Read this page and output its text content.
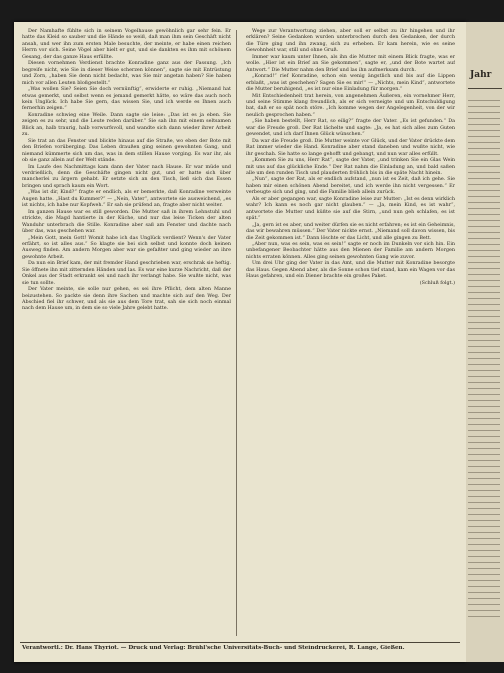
Der Namhafte fühlte sich in seinem Vogelhause gewöhnlich gar sehr fein. Er hatte das Kleid so sauber und die Hände so weiß, daß man ihm sein Geschäft nicht ansah, und wer ihn zum ersten Male besuchte, der meinte, er habe einen reichen Herrn vor sich. Seine Vögel aber hielt er gut, und sie dankten es ihm mit schönem Gesang, der das ganze Haus erfüllte.

Diesen vornehmen Verdienst brachte Konradine ganz aus der Fassung. „Ich begreife nicht, wie Sie in dieser Weise scherzen können“, sagte sie mit Entrüstung und Zorn, „haben Sie denn nicht bedacht, was Sie mir angetan haben? Sie haben mich vor allen Leuten bloßgestellt.“

„Was wollen Sie? Seien Sie doch vernünftig“, erwiderte er ruhig. „Niemand hat etwas gemerkt, und selbst wenn es jemand gemerkt hätte, so wäre das auch noch kein Unglück. Ich habe Sie gern, das wissen Sie, und ich werde es Ihnen auch fernerhin zeigen.“

Konradine schwieg eine Weile. Dann sagte sie leise: „Das ist es ja eben. Sie zeigen es zu sehr, und die Leute reden darüber.“ Sie sah ihn mit einem seltsamen Blick an, halb traurig, halb vorwurfsvoll, und wandte sich dann wieder ihrer Arbeit zu.

Sie trat an das Fenster und blickte hinaus auf die Straße, wo eben der Bote mit den Briefen vorüberging. Das Leben draußen ging seinen gewohnten Gang, und niemand kümmerte sich um das, was in dem stillen Hause vorging. Es war ihr, als ob sie ganz allein auf der Welt stände.

Im Laufe des Nachmittags kam dann der Vater nach Hause. Er war müde und verdrießlich, denn die Geschäfte gingen nicht gut, und er hatte sich über mancherlei zu ärgern gehabt. Er setzte sich an den Tisch, ließ sich das Essen bringen und sprach kaum ein Wort.

„Was ist dir, Kind?“ fragte er endlich, als er bemerkte, daß Konradine verweinte Augen hatte. „Hast du Kummer?“ — „Nein, Vater“, antwortete sie ausweichend, „es ist nichts, ich habe nur Kopfweh.“ Er sah sie prüfend an, fragte aber nicht weiter.

Im ganzen Hause war es still geworden. Die Mutter saß in ihrem Lehnstuhl und strickte, die Magd hantierte in der Küche, und nur das leise Ticken der alten Wanduhr unterbrach die Stille. Konradine aber saß am Fenster und dachte nach über das, was geschehen war.

„Mein Gott, mein Gott! Womit habe ich das Unglück verdient? Wenn's der Vater erfährt, so ist alles aus.“ So klagte sie bei sich selbst und konnte doch keinen Ausweg finden. Am andern Morgen aber war sie gefaßter und ging wieder an ihre gewohnte Arbeit.

Da nun ein Brief kam, der mit fremder Hand geschrieben war, erschrak sie heftig. Sie öffnete ihn mit zitternden Händen und las. Es war eine kurze Nachricht, daß der Onkel aus der Stadt erkrankt sei und nach ihr verlangt habe. Sie wußte nicht, was sie tun sollte.

Der Vater meinte, sie solle nur gehen, es sei ihre Pflicht, dem alten Manne beizustehen. So packte sie denn ihre Sachen und machte sich auf den Weg. Der Abschied fiel ihr schwer, und als sie aus dem Tore trat, sah sie sich noch einmal nach dem Hause um, in dem sie so viele Jahre gelebt hatte.

Wege zur Verantwortung ziehen, aber soll er selbst zu ihr hingehen und ihr erklären? Seine Gedanken wurden unterbrochen durch den Gedanken, der durch die Türe ging und ihn zwang, sich zu erheben. Er kam herein, wie es seine Gewohnheit war, still und ohne Gruß.

Immer war kaum unter Ihnen, als ihn die Mutter mit einem Blick fragte, was er wolle. „Hier ist ein Brief an Sie gekommen“, sagte er, „und der Bote wartet auf Antwort.“ Die Mutter nahm den Brief und las ihn aufmerksam durch.

„Konrad!“ rief Konradine, schon ein wenig ängstlich und bis auf die Lippen erblaßt, „was ist geschehen? Sagen Sie es mir!“ — „Nichts, mein Kind“, antwortete die Mutter beruhigend, „es ist nur eine Einladung für morgen.“

Mit Entschiedenheit trat herein, von angenehmen Äußeren, ein vornehmer Herr, und seine Stimme klang freundlich, als er sich verneigte und um Entschuldigung bat, daß er so spät noch störe. „Ich komme wegen der Angelegenheit, von der wir neulich gesprochen haben.“

„Sie haben bestellt, Herr Rat, so eilig?“ fragte der Vater. „Es ist gefunden.“ Da war die Freude groß. Der Rat lächelte und sagte: „Ja, es hat sich alles zum Guten gewendet, und ich darf Ihnen Glück wünschen.“

Da war die Freude groß. Die Mutter weinte vor Glück, und der Vater drückte dem Rat immer wieder die Hand. Konradine aber stand daneben und wußte nicht, wie ihr geschah. Sie hatte so lange gehofft und gebangt, und nun war alles erfüllt.

„Kommen Sie zu uns, Herr Rat“, sagte der Vater, „und trinken Sie ein Glas Wein mit uns auf das glückliche Ende.“ Der Rat nahm die Einladung an, und bald saßen alle um den runden Tisch und plauderten fröhlich bis in die späte Nacht hinein.

„Nun“, sagte der Rat, als er endlich aufstand, „nun ist es Zeit, daß ich gehe. Sie haben mir einen schönen Abend bereitet, und ich werde ihn nicht vergessen.“ Er verbeugte sich und ging, und die Familie blieb allein zurück.

Als er aber gegangen war, sagte Konradine leise zur Mutter: „Ist es denn wirklich wahr? Ich kann es noch gar nicht glauben.“ — „Ja, mein Kind, es ist wahr“, antwortete die Mutter und küßte sie auf die Stirn, „und nun geh schlafen, es ist spät.“

„Ja, gern ist es aber, und weiter dürfen sie es nicht erfahren; es ist ein Geheimnis, das wir bewahren müssen.“ Der Vater nickte ernst. „Niemand soll davon wissen, bis die Zeit gekommen ist.“ Dann löschte er das Licht, und alle gingen zu Bett.

„Aber nun, was es sein, was es sein!“ sagte er noch im Dunkeln vor sich hin. Ein unbefangener Beobachter hätte aus den Mienen der Familie am andern Morgen nichts erraten können. Alles ging seinen gewohnten Gang wie zuvor.

Um drei Uhr ging der Vater in das Amt, und die Mutter mit Konradine besorgte das Haus. Gegen Abend aber, als die Sonne schon tief stand, kam ein Wagen vor das Haus gefahren, und ein Diener brachte ein großes Paket.

(Schluß folgt.)

Verantwortl.: Dr. Hans Thyriot. — Druck und Verlag: Brühl'sche Universitäts-Buch- und Steindruckerei, R. Lange, Gießen.
Jahr
